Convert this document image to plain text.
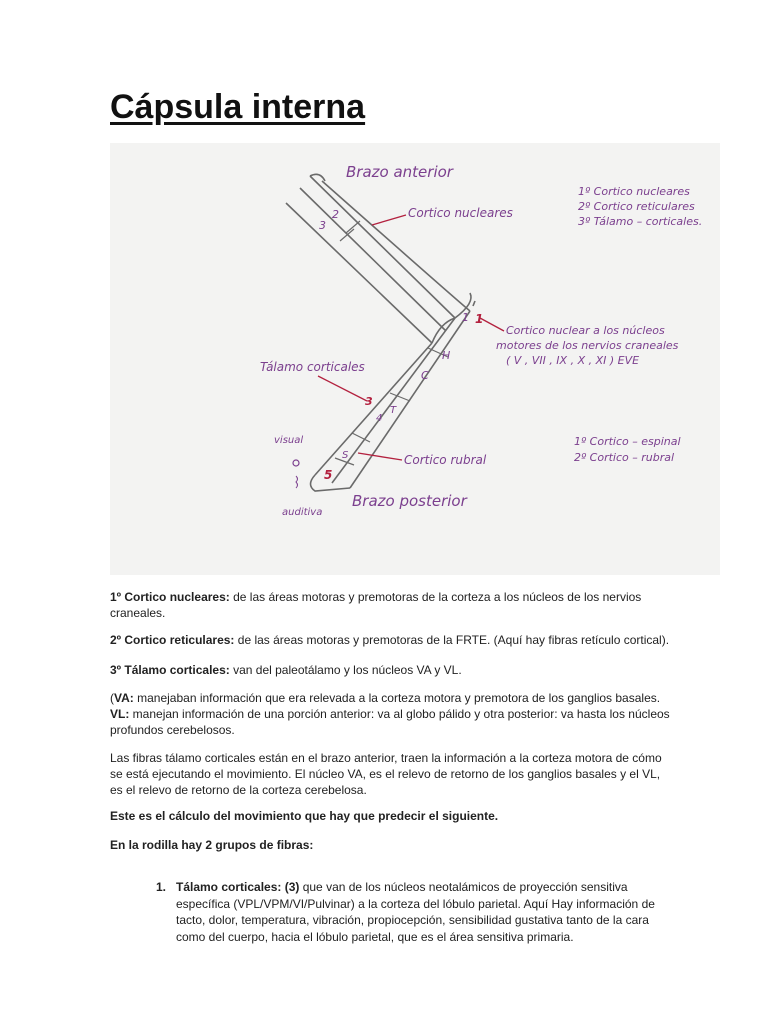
Cápsula interna
3
2
1
H
C
T
4
S
3
5
1
Brazo anterior
Brazo posterior
Cortico nucleares
Cortico nuclear a los núcleos
motores de los nervios craneales
( V , VII , IX , X , XI ) EVE
Tálamo corticales
Cortico rubral
visual
auditiva
1º Cortico nucleares
2º Cortico reticulares
3º Tálamo – corticales.
1º Cortico – espinal
2º Cortico – rubral

1º Cortico nucleares: de las áreas motoras y premotoras de la corteza a los núcleos de los nervios craneales.

2º Cortico reticulares: de las áreas motoras y premotoras de la FRTE. (Aquí hay fibras retículo cortical).

3º Tálamo corticales: van del paleotálamo y los núcleos VA y VL.

(VA: manejaban información que era relevada a la corteza motora y premotora de los ganglios basales.
VL: manejan información de una porción anterior: va al globo pálido y otra posterior: va hasta los núcleos profundos cerebelosos.

Las fibras tálamo corticales están en el brazo anterior, traen la información a la corteza motora de cómo se está ejecutando el movimiento. El núcleo VA, es el relevo de retorno de los ganglios basales y el VL, es el relevo de retorno de la corteza cerebelosa.

Este es el cálculo del movimiento que hay que predecir el siguiente.

En la rodilla hay 2 grupos de fibras:

1. Tálamo corticales: (3) que van de los núcleos neotalámicos de proyección sensitiva específica (VPL/VPM/VI/Pulvinar) a la corteza del lóbulo parietal. Aquí Hay información de tacto, dolor, temperatura, vibración, propiocepción, sensibilidad gustativa tanto de la cara como del cuerpo, hacia el lóbulo parietal, que es el área sensitiva primaria.
